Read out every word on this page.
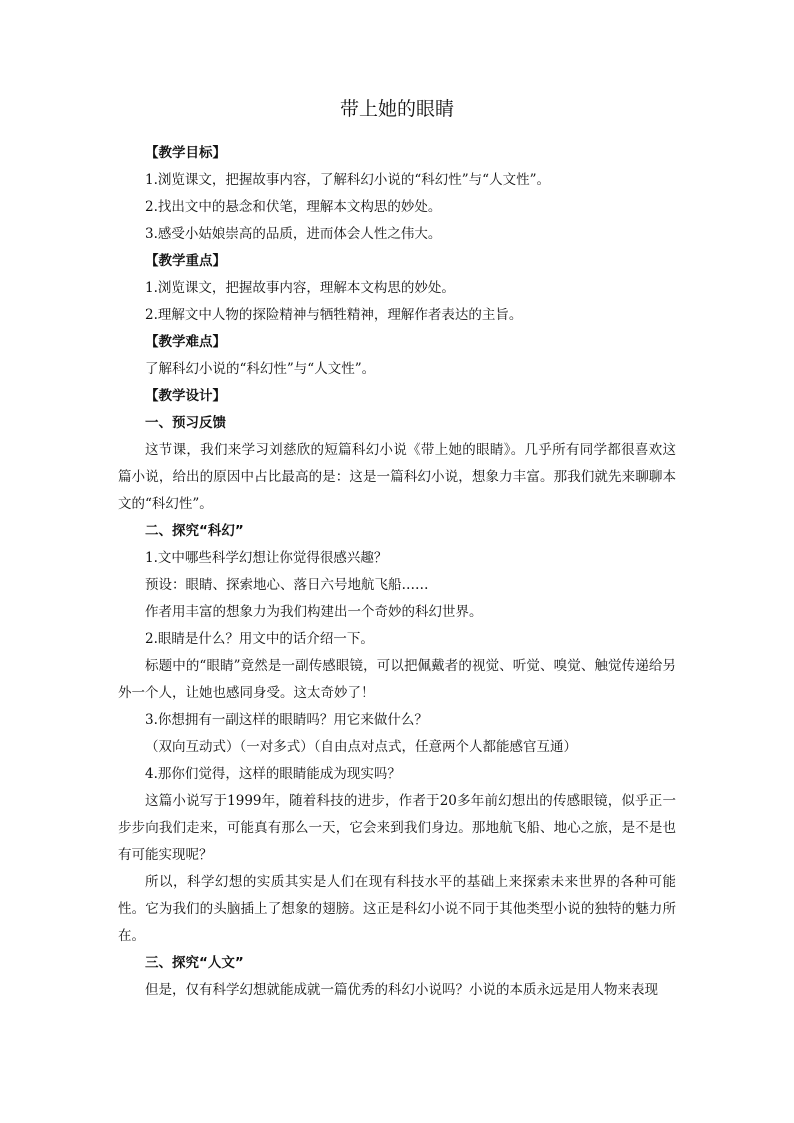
带上她的眼睛

【教学目标】

1.浏览课文，把握故事内容，了解科幻小说的“科幻性”与“人文性”。

2.找出文中的悬念和伏笔，理解本文构思的妙处。

3.感受小姑娘崇高的品质，进而体会人性之伟大。

【教学重点】

1.浏览课文，把握故事内容，理解本文构思的妙处。

2.理解文中人物的探险精神与牺牲精神，理解作者表达的主旨。

【教学难点】

了解科幻小说的“科幻性”与“人文性”。

【教学设计】

一、预习反馈

这节课，我们来学习刘慈欣的短篇科幻小说《带上她的眼睛》。几乎所有同学都很喜欢这篇小说，给出的原因中占比最高的是：这是一篇科幻小说，想象力丰富。那我们就先来聊聊本文的“科幻性”。

二、探究“科幻”

1.文中哪些科学幻想让你觉得很感兴趣？

预设：眼睛、探索地心、落日六号地航飞船……

作者用丰富的想象力为我们构建出一个奇妙的科幻世界。

2.眼睛是什么？用文中的话介绍一下。

标题中的“眼睛”竟然是一副传感眼镜，可以把佩戴者的视觉、听觉、嗅觉、触觉传递给另外一个人，让她也感同身受。这太奇妙了！

3.你想拥有一副这样的眼睛吗？用它来做什么？

（双向互动式）（一对多式）（自由点对点式，任意两个人都能感官互通）

4.那你们觉得，这样的眼睛能成为现实吗？

这篇小说写于1999年，随着科技的进步，作者于20多年前幻想出的传感眼镜，似乎正一步步向我们走来，可能真有那么一天，它会来到我们身边。那地航飞船、地心之旅，是不是也有可能实现呢？

所以，科学幻想的实质其实是人们在现有科技水平的基础上来探索未来世界的各种可能性。它为我们的头脑插上了想象的翅膀。这正是科幻小说不同于其他类型小说的独特的魅力所在。

三、探究“人文”

但是，仅有科学幻想就能成就一篇优秀的科幻小说吗？小说的本质永远是用人物来表现
